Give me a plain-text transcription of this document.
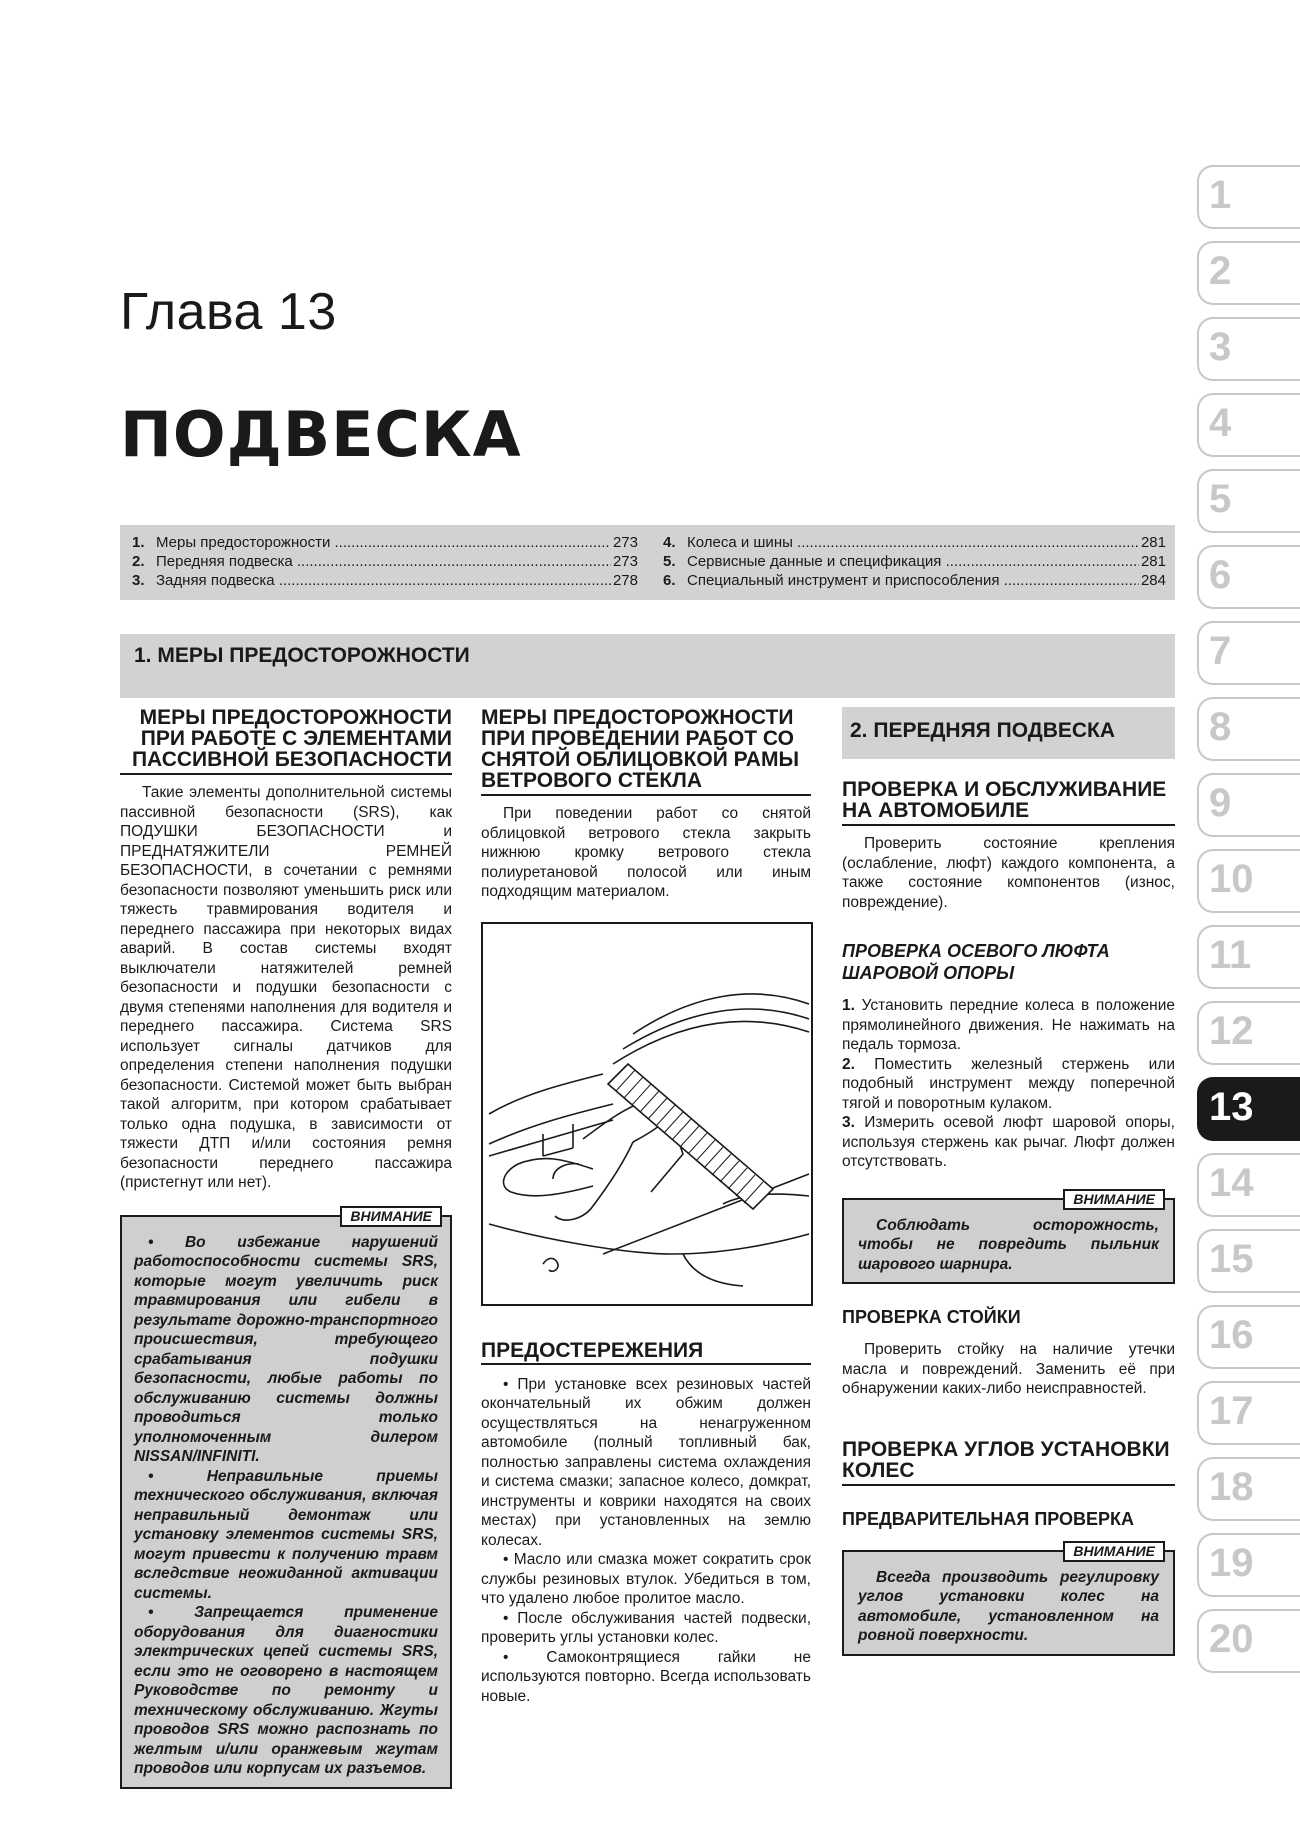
Глава 13
ПОДВЕСКА
1. Меры предосторожности .....	273
2. Передняя подвеска .....	273
3. Задняя подвеска .....	278
4. Колеса и шины .....	281
5. Сервисные данные и спецификация .....	281
6. Специальный инструмент и приспособления .....	284
1. МЕРЫ ПРЕДОСТОРОЖНОСТИ
МЕРЫ ПРЕДОСТОРОЖНОСТИ ПРИ РАБОТЕ С ЭЛЕМЕНТАМИ ПАССИВНОЙ БЕЗОПАСНОСТИ

Такие элементы дополнительной системы пассивной безопасности (SRS), как ПОДУШКИ БЕЗОПАСНОСТИ и ПРЕДНАТЯЖИТЕЛИ РЕМНЕЙ БЕЗОПАСНОСТИ, в сочетании с ремнями безопасности позволяют уменьшить риск или тяжесть травмирования водителя и переднего пассажира при некоторых видах аварий. В состав системы входят выключатели натяжителей ремней безопасности и подушки безопасности с двумя степенями наполнения для водителя и переднего пассажира. Система SRS использует сигналы датчиков для определения степени наполнения подушки безопасности. Системой может быть выбран такой алгоритм, при котором срабатывает только одна подушка, в зависимости от тяжести ДТП и/или состояния ремня безопасности переднего пассажира (пристегнут или нет).

ВНИМАНИЕ

• Во избежание нарушений работоспособности системы SRS, которые могут увеличить риск травмирования или гибели в результате дорожно-транспортного происшествия, требующего срабатывания подушки безопасности, любые работы по обслуживанию системы должны проводиться только уполномоченным дилером NISSAN/INFINITI.

• Неправильные приемы технического обслуживания, включая неправильный демонтаж или установку элементов системы SRS, могут привести к получению травм вследствие неожиданной активации системы.

• Запрещается применение оборудования для диагностики электрических цепей системы SRS, если это не оговорено в настоящем Руководстве по ремонту и техническому обслуживанию. Жгуты проводов SRS можно распознать по желтым и/или оранжевым жгутам проводов или корпусам их разъемов.

МЕРЫ ПРЕДОСТОРОЖНОСТИ ПРИ ПРОВЕДЕНИИ РАБОТ СО СНЯТОЙ ОБЛИЦОВКОЙ РАМЫ ВЕТРОВОГО СТЕКЛА

При поведении работ со снятой облицовкой ветрового стекла закрыть нижнюю кромку ветрового стекла полиуретановой полосой или иным подходящим материалом.

ПРЕДОСТЕРЕЖЕНИЯ

• При установке всех резиновых частей окончательный их обжим должен осуществляться на ненагруженном автомобиле (полный топливный бак, полностью заправлены система охлаждения и система смазки; запасное колесо, домкрат, инструменты и коврики находятся на своих местах) при установленных на землю колесах.

• Масло или смазка может сократить срок службы резиновых втулок. Убедиться в том, что удалено любое пролитое масло.

• После обслуживания частей подвески, проверить углы установки колес.

• Самоконтрящиеся гайки не используются повторно. Всегда использовать новые.

2. ПЕРЕДНЯЯ ПОДВЕСКА
ПРОВЕРКА И ОБСЛУЖИВАНИЕ НА АВТОМОБИЛЕ

Проверить состояние крепления (ослабление, люфт) каждого компонента, а также состояние компонентов (износ, повреждение).

ПРОВЕРКА ОСЕВОГО ЛЮФТА ШАРОВОЙ ОПОРЫ

1. Установить передние колеса в положение прямолинейного движения. Не нажимать на педаль тормоза.

2. Поместить железный стержень или подобный инструмент между поперечной тягой и поворотным кулаком.

3. Измерить осевой люфт шаровой опоры, используя стержень как рычаг. Люфт должен отсутствовать.

ВНИМАНИЕ

Соблюдать осторожность, чтобы не повредить пыльник шарового шарнира.

ПРОВЕРКА СТОЙКИ

Проверить стойку на наличие утечки масла и повреждений. Заменить её при обнаружении каких-либо неисправностей.

ПРОВЕРКА УГЛОВ УСТАНОВКИ КОЛЕС
ПРЕДВАРИТЕЛЬНАЯ ПРОВЕРКА
ВНИМАНИЕ

Всегда производить регулировку углов установки колес на автомобиле, установленном на ровной поверхности.

1
2
3
4
5
6
7
8
9
10
11
12
13
14
15
16
17
18
19
20
